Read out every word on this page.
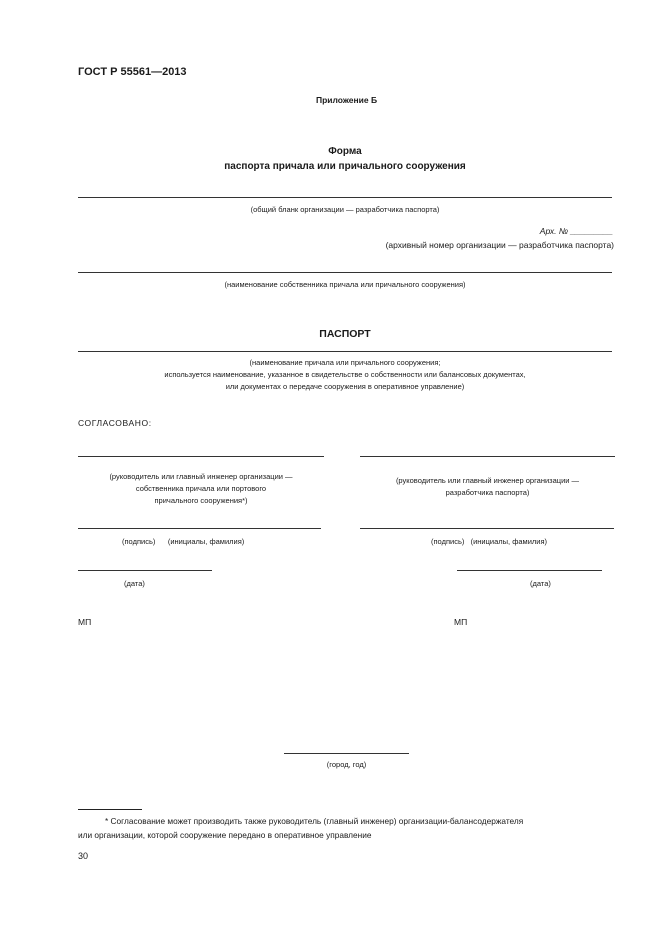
ГОСТ Р 55561—2013
Приложение Б
Форма
паспорта причала или причального сооружения
(общий бланк организации — разработчика паспорта)
Арх. № _________
(архивный номер организации — разработчика паспорта)
(наименование собственника причала или причального сооружения)
ПАСПОРТ
(наименование причала или причального сооружения;
используется наименование, указанное в свидетельстве о собственности или балансовых документах,
или документах о передаче сооружения в оперативное управление)
СОГЛАСОВАНО:
(руководитель или главный инженер организации —
собственника причала или портового
причального сооружения*)
(подпись)      (инициалы, фамилия)
(дата)
МП
(руководитель или главный инженер организации —
разработчика паспорта)
(подпись)   (инициалы, фамилия)
(дата)
МП
(город, год)
* Согласование может производить также руководитель (главный инженер) организации-балансодержателя
или организации, которой сооружение передано в оперативное управление
30
